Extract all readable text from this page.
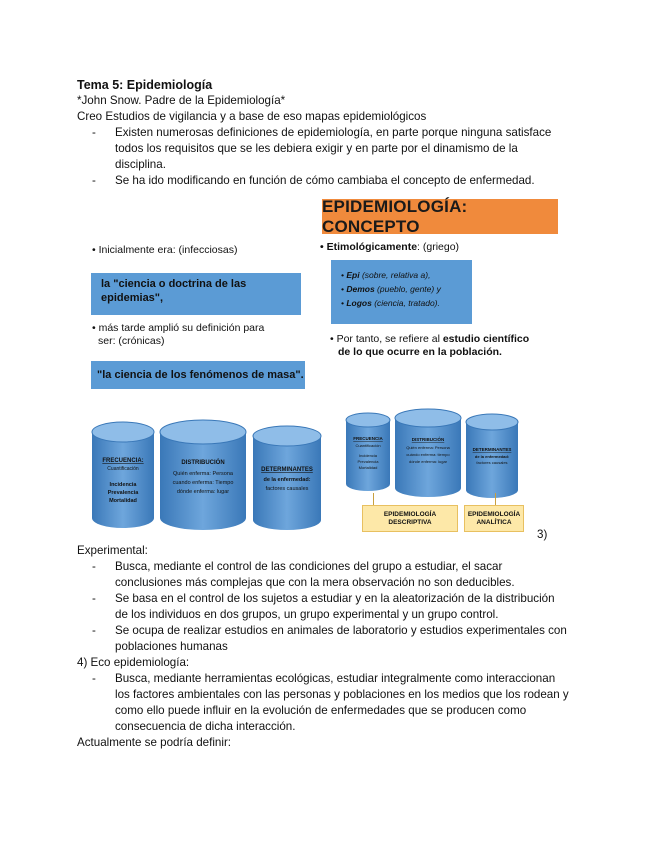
Tema 5: Epidemiología
*John Snow. Padre de la Epidemiología*
Creo Estudios de vigilancia y a base de eso mapas epidemiológicos
- Existen numerosas definiciones de epidemiología, en parte porque ninguna satisface
todos los requisitos que se les debiera exigir y en parte por el dinamismo de la
disciplina.
- Se ha ido modificando en función de cómo cambiaba el concepto de enfermedad.
EPIDEMIOLOGÍA: CONCEPTO
• Inicialmente era: (infecciosas)
la "ciencia o doctrina de las
epidemias",
• más tarde amplió su definición para
ser: (crónicas)
"la ciencia de los fenómenos de masa".
• Etimológicamente: (griego)
• Epi (sobre, relativa a),
• Demos (pueblo, gente) y
• Logos (ciencia, tratado).
• Por tanto, se refiere al estudio científico
de lo que ocurre en la población.
FRECUENCIA:
Cuantificación
Incidencia
Prevalencia
Mortalidad
DISTRIBUCIÓN
Quién enferma: Persona
cuando enferma: Tiempo
dónde enferma: lugar
DETERMINANTES
de la enfermedad:
factores causales
FRECUENCIA
Cuantificación
Incidencia
Prevalencia
Mortalidad
DISTRIBUCIÓN
Quién enferma: Persona
cuándo enferma: tiempo
dónde enferma: lugar
DETERMINANTES
de la enfermedad:
factores causales
EPIDEMIOLOGÍA
DESCRIPTIVA
EPIDEMIOLOGÍA
ANALÍTICA
3)
Experimental:
- Busca, mediante el control de las condiciones del grupo a estudiar, el sacar
conclusiones más complejas que con la mera observación no son deducibles.
- Se basa en el control de los sujetos a estudiar y en la aleatorización de la distribución
de los individuos en dos grupos, un grupo experimental y un grupo control.
- Se ocupa de realizar estudios en animales de laboratorio y estudios experimentales con
poblaciones humanas
4) Eco epidemiología:
- Busca, mediante herramientas ecológicas, estudiar integralmente como interaccionan
los factores ambientales con las personas y poblaciones en los medios que los rodean y
como ello puede influir en la evolución de enfermedades que se producen como
consecuencia de dicha interacción.
Actualmente se podría definir:
